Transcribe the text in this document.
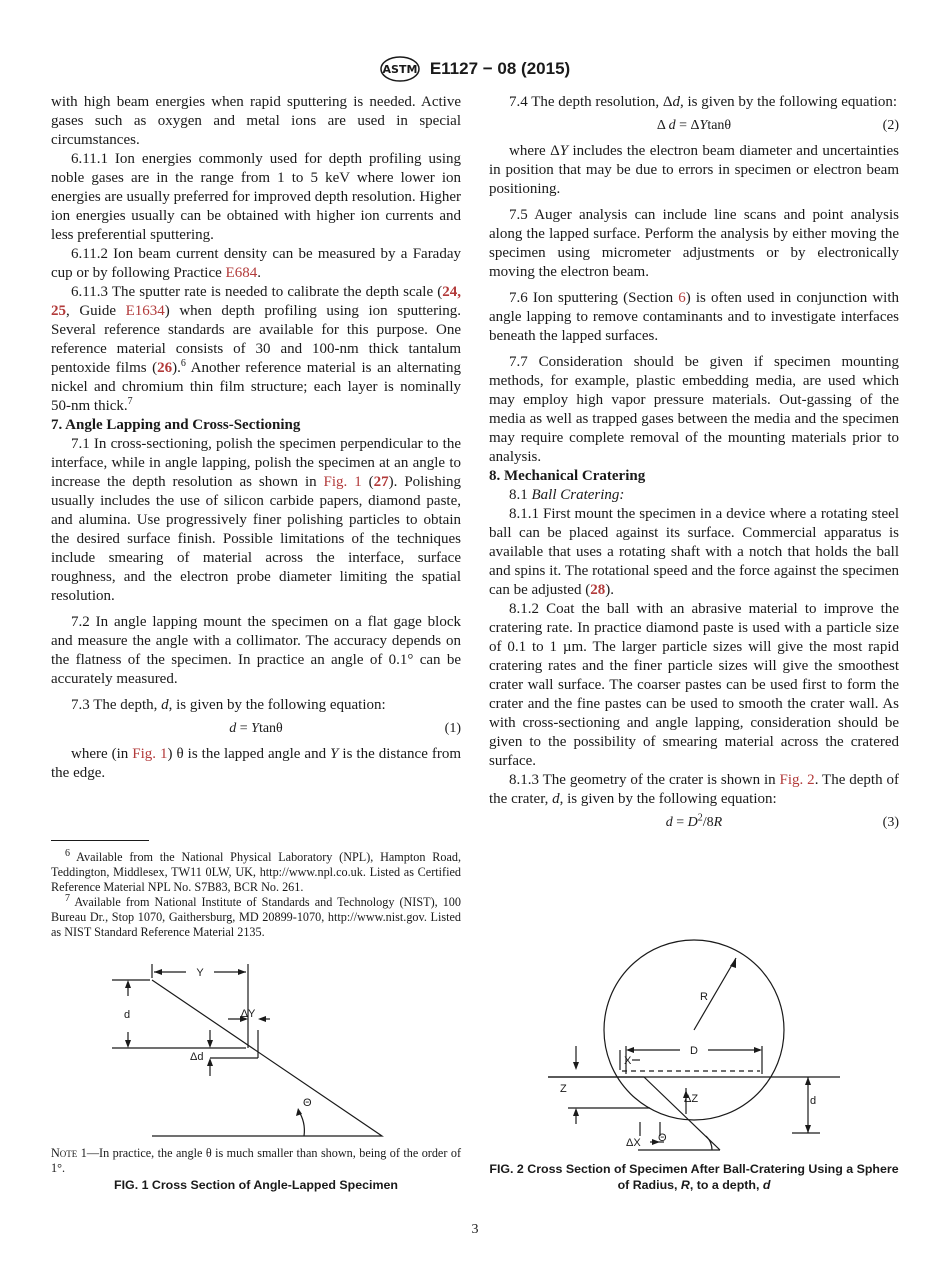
ASTM E1127 − 08 (2015)

with high beam energies when rapid sputtering is needed. Active gases such as oxygen and metal ions are used in special circumstances.

6.11.1 Ion energies commonly used for depth profiling using noble gases are in the range from 1 to 5 keV where lower ion energies are usually preferred for improved depth resolution. Higher ion energies usually can be obtained with higher ion currents and less preferential sputtering.

6.11.2 Ion beam current density can be measured by a Faraday cup or by following Practice E684.

6.11.3 The sputter rate is needed to calibrate the depth scale (24, 25, Guide E1634) when depth profiling using ion sputtering. Several reference standards are available for this purpose. One reference material consists of 30 and 100-nm thick tantalum pentoxide films (26).$^6$ Another reference material is an alternating nickel and chromium thin film structure; each layer is nominally 50-nm thick.$^7$

7. Angle Lapping and Cross-Sectioning

7.1 In cross-sectioning, polish the specimen perpendicular to the interface, while in angle lapping, polish the specimen at an angle to increase the depth resolution as shown in Fig. 1 (27). Polishing usually includes the use of silicon carbide papers, diamond paste, and alumina. Use progressively finer polishing particles to obtain the desired surface finish. Possible limitations of the techniques include smearing of material across the interface, surface roughness, and the electron probe diameter limiting the spatial resolution.

7.2 In angle lapping mount the specimen on a flat gage block and measure the angle with a collimator. The accuracy depends on the flatness of the specimen. In practice an angle of 0.1° can be accurately measured.

7.3 The depth, d, is given by the following equation:

d = Ytanθ	(1)

where (in Fig. 1) θ is the lapped angle and Y is the distance from the edge.

$^6$ Available from the National Physical Laboratory (NPL), Hampton Road, Teddington, Middlesex, TW11 0LW, UK, http://www.npl.co.uk. Listed as Certified Reference Material NPL No. S7B83, BCR No. 261.

$^7$ Available from National Institute of Standards and Technology (NIST), 100 Bureau Dr., Stop 1070, Gaithersburg, MD 20899-1070, http://www.nist.gov. Listed as NIST Standard Reference Material 2135.

Y
ΔY
d
Δd
Θ
Note 1—In practice, the angle θ is much smaller than shown, being of the order of 1°.
FIG. 1 Cross Section of Angle-Lapped Specimen

7.4 The depth resolution, Δd, is given by the following equation:

Δ d = ΔYtanθ	(2)

where ΔY includes the electron beam diameter and uncertainties in position that may be due to errors in specimen or electron beam positioning.

7.5 Auger analysis can include line scans and point analysis along the lapped surface. Perform the analysis by either moving the specimen using micrometer adjustments or by electronically moving the electron beam.

7.6 Ion sputtering (Section 6) is often used in conjunction with angle lapping to remove contaminants and to investigate interfaces beneath the lapped surfaces.

7.7 Consideration should be given if specimen mounting methods, for example, plastic embedding media, are used which may employ high vapor pressure materials. Out-gassing of the media as well as trapped gases between the media and the specimen may require complete removal of the mounting materials prior to analysis.

8. Mechanical Cratering

8.1 Ball Cratering:

8.1.1 First mount the specimen in a device where a rotating steel ball can be placed against its surface. Commercial apparatus is available that uses a rotating shaft with a notch that holds the ball and spins it. The rotational speed and the force against the specimen can be adjusted (28).

8.1.2 Coat the ball with an abrasive material to improve the cratering rate. In practice diamond paste is used with a particle size of 0.1 to 1 µm. The larger particle sizes will give the most rapid cratering rates and the finer particle sizes will give the smoothest crater wall surface. The coarser pastes can be used first to form the crater and the fine pastes can be used to smooth the crater wall. As with cross-sectioning and angle lapping, consideration should be given to the possibility of smearing material across the cratered surface.

8.1.3 The geometry of the crater is shown in Fig. 2. The depth of the crater, d, is given by the following equation:

$d = D^2/8R$	(3)
R
D
X
Z
ΔZ	d
ΔX Θ
FIG. 2 Cross Section of Specimen After Ball-Cratering Using a Sphere of Radius, R, to a depth, d
3
